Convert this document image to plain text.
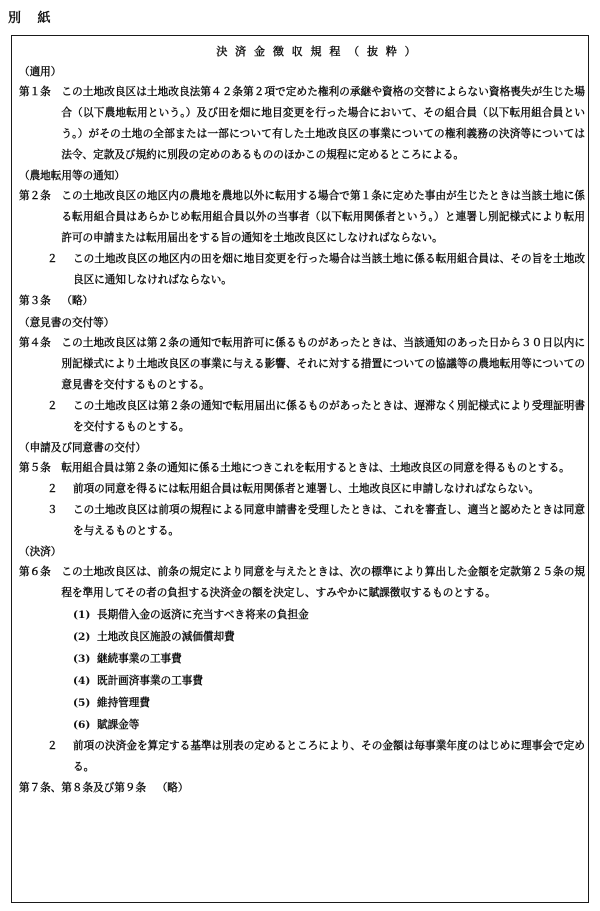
別 紙
決 済 金 徴 収 規 程 （ 抜 粋 ）
（適用）
第１条　 この土地改良区は土地改良法第４２条第２項で定めた権利の承継や資格の交替によらない資格喪失が生じた場合（以下農地転用という。）及び田を畑に地目変更を行った場合において、その組合員（以下転用組合員という。）がその土地の全部または一部について有した土地改良区の事業についての権利義務の決済等については法令、定款及び規約に別段の定めのあるもののほかこの規程に定めるところによる。
（農地転用等の通知）
第２条　 この土地改良区の地区内の農地を農地以外に転用する場合で第１条に定めた事由が生じたときは当該土地に係る転用組合員はあらかじめ転用組合員以外の当事者（以下転用関係者という。）と連署し別記様式により転用許可の申請または転用届出をする旨の通知を土地改良区にしなければならない。
２	この土地改良区の地区内の田を畑に地目変更を行った場合は当該土地に係る転用組合員は、その旨を土地改良区に通知しなければならない。
第３条　 （略）
（意見書の交付等）
第４条　 この土地改良区は第２条の通知で転用許可に係るものがあったときは、当該通知のあった日から３０日以内に別記様式により土地改良区の事業に与える影響、それに対する措置についての協議等の農地転用等についての意見書を交付するものとする。
２	この土地改良区は第２条の通知で転用届出に係るものがあったときは、遅滞なく別記様式により受理証明書を交付するものとする。
（申請及び同意書の交付）
第５条　 転用組合員は第２条の通知に係る土地につきこれを転用するときは、土地改良区の同意を得るものとする。
２	前項の同意を得るには転用組合員は転用関係者と連署し、土地改良区に申請しなければならない。
３	この土地改良区は前項の規程による同意申請書を受理したときは、これを審査し、適当と認めたときは同意を与えるものとする。
（決済）
第６条　 この土地改良区は、前条の規定により同意を与えたときは、次の標準により算出した金額を定款第２５条の規程を準用してその者の負担する決済金の額を決定し、すみやかに賦課徴収するものとする。
(1) 長期借入金の返済に充当すべき将来の負担金
(2) 土地改良区施設の減価償却費
(3) 継続事業の工事費
(4) 既計画済事業の工事費
(5) 維持管理費
(6) 賦課金等
２	前項の決済金を算定する基準は別表の定めるところにより、その金額は毎事業年度のはじめに理事会で定める。
第７条、第８条及び第９条　 （略）
